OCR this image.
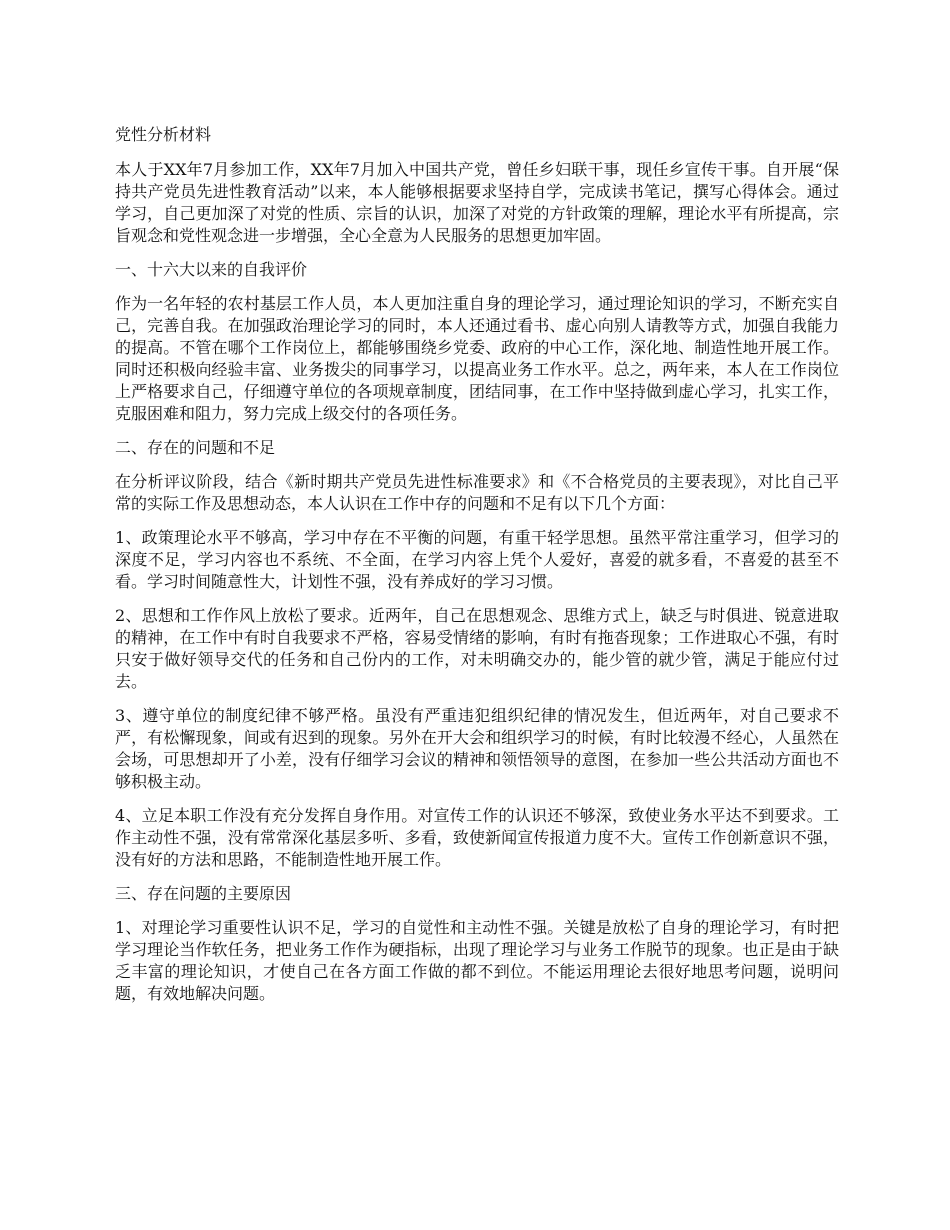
党性分析材料

本人于XX年7月参加工作，XX年7月加入中国共产党，曾任乡妇联干事，现任乡宣传干事。自开展“保持共产党员先进性教育活动”以来，本人能够根据要求坚持自学，完成读书笔记，撰写心得体会。通过学习，自己更加深了对党的性质、宗旨的认识，加深了对党的方针政策的理解，理论水平有所提高，宗旨观念和党性观念进一步增强，全心全意为人民服务的思想更加牢固。

一、十六大以来的自我评价

作为一名年轻的农村基层工作人员，本人更加注重自身的理论学习，通过理论知识的学习，不断充实自己，完善自我。在加强政治理论学习的同时，本人还通过看书、虚心向别人请教等方式，加强自我能力的提高。不管在哪个工作岗位上，都能够围绕乡党委、政府的中心工作，深化地、制造性地开展工作。同时还积极向经验丰富、业务拨尖的同事学习，以提高业务工作水平。总之，两年来，本人在工作岗位上严格要求自己，仔细遵守单位的各项规章制度，团结同事，在工作中坚持做到虚心学习，扎实工作，克服困难和阻力，努力完成上级交付的各项任务。

二、存在的问题和不足

在分析评议阶段，结合《新时期共产党员先进性标准要求》和《不合格党员的主要表现》，对比自己平常的实际工作及思想动态，本人认识在工作中存的问题和不足有以下几个方面：

1、政策理论水平不够高，学习中存在不平衡的问题，有重干轻学思想。虽然平常注重学习，但学习的深度不足，学习内容也不系统、不全面，在学习内容上凭个人爱好，喜爱的就多看，不喜爱的甚至不看。学习时间随意性大，计划性不强，没有养成好的学习习惯。

2、思想和工作作风上放松了要求。近两年，自己在思想观念、思维方式上，缺乏与时俱进、锐意进取的精神，在工作中有时自我要求不严格，容易受情绪的影响，有时有拖沓现象；工作进取心不强，有时只安于做好领导交代的任务和自己份内的工作，对未明确交办的，能少管的就少管，满足于能应付过去。

3、遵守单位的制度纪律不够严格。虽没有严重违犯组织纪律的情况发生，但近两年，对自己要求不严，有松懈现象，间或有迟到的现象。另外在开大会和组织学习的时候，有时比较漫不经心，人虽然在会场，可思想却开了小差，没有仔细学习会议的精神和领悟领导的意图，在参加一些公共活动方面也不够积极主动。

4、立足本职工作没有充分发挥自身作用。对宣传工作的认识还不够深，致使业务水平达不到要求。工作主动性不强，没有常常深化基层多听、多看，致使新闻宣传报道力度不大。宣传工作创新意识不强，没有好的方法和思路，不能制造性地开展工作。

三、存在问题的主要原因

1、对理论学习重要性认识不足，学习的自觉性和主动性不强。关键是放松了自身的理论学习，有时把学习理论当作软任务，把业务工作作为硬指标，出现了理论学习与业务工作脱节的现象。也正是由于缺乏丰富的理论知识，才使自己在各方面工作做的都不到位。不能运用理论去很好地思考问题，说明问题，有效地解决问题。
